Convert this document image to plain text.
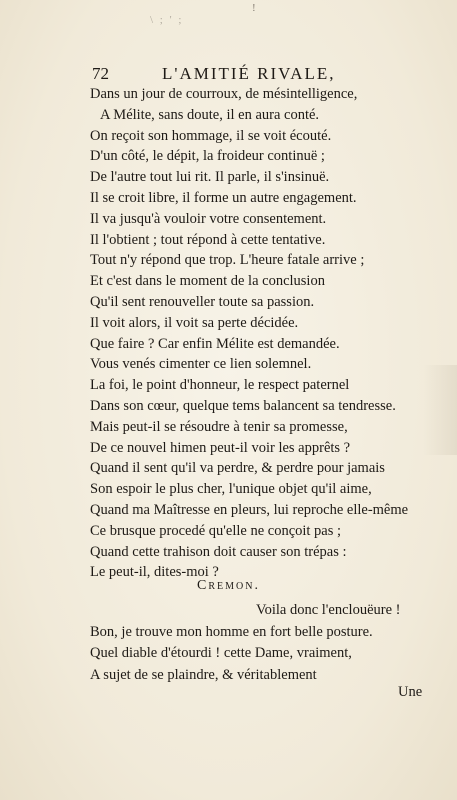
!
\ ; ' ;
72	L'AMITIÉ RIVALE,
Dans un jour de courroux, de mésintelligence,
A Mélite, sans doute, il en aura conté.
On reçoit son hommage, il se voit écouté.
D'un côté, le dépit, la froideur continuë ;
De l'autre tout lui rit. Il parle, il s'insinuë.
Il se croit libre, il forme un autre engagement.
Il va jusqu'à vouloir votre consentement.
Il l'obtient ; tout répond à cette tentative.
Tout n'y répond que trop. L'heure fatale arrive ;
Et c'est dans le moment de la conclusion
Qu'il sent renouveller toute sa passion.
Il voit alors, il voit sa perte décidée.
Que faire ? Car enfin Mélite est demandée.
Vous venés cimenter ce lien solemnel.
La foi, le point d'honneur, le respect paternel
Dans son cœur, quelque tems balancent sa tendresse.
Mais peut-il se résoudre à tenir sa promesse,
De ce nouvel himen peut-il voir les apprêts ?
Quand il sent qu'il va perdre, & perdre pour jamais
Son espoir le plus cher, l'unique objet qu'il aime,
Quand ma Maîtresse en pleurs, lui reproche elle-même
Ce brusque procedé qu'elle ne conçoit pas ;
Quand cette trahison doit causer son trépas :
Le peut-il, dites-moi ?
Cremon.
Voila donc l'enclouëure !
Bon, je trouve mon homme en fort belle posture.
Quel diable d'étourdi ! cette Dame, vraiment,
A sujet de se plaindre, & véritablement
Une
